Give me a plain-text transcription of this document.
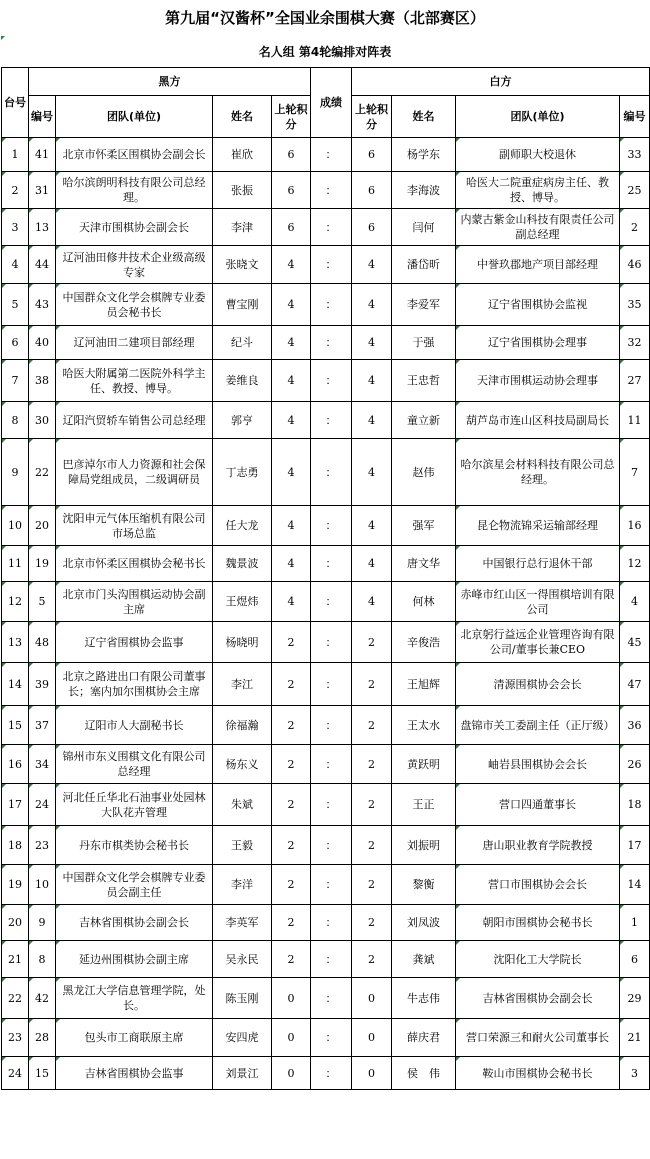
第九届“汉酱杯”全国业余围棋大赛（北部赛区）
名人组 第4轮编排对阵表
台号	黑方				成绩	白方			
	编号	团队(单位)	姓名	上轮积分		上轮积分	姓名	团队(单位)	编号

1	41	北京市怀柔区围棋协会副会长	崔欣	6	：	6	杨学东	副师职大校退休	33

2	31	哈尔滨朗明科技有限公司总经理。	张振	6	：	6	李海波	哈医大二院重症病房主任、教授、博导。	25

3	13	天津市围棋协会副会长	李津	6	：	6	闫何	内蒙古紫金山科技有限责任公司副总经理	2

4	44	辽河油田修井技术企业级高级专家	张晓文	4	：	4	潘岱昕	中誉玖郡地产项目部经理	46

5	43	中国群众文化学会棋牌专业委员会秘书长	曹宝刚	4	：	4	李爱军	辽宁省围棋协会监视	35

6	40	辽河油田二建项目部经理	纪斗	4	：	4	于强	辽宁省围棋协会理事	32

7	38	哈医大附属第二医院外科学主任、教授、博导。	姜维良	4	：	4	王忠哲	天津市围棋运动协会理事	27

8	30	辽阳汽贸轿车销售公司总经理	郭亨	4	：	4	童立新	葫芦岛市连山区科技局副局长	11

9	22	巴彦淖尔市人力资源和社会保障局党组成员，二级调研员	丁志勇	4	：	4	赵伟	哈尔滨星会材料科技有限公司总经理。	7

10	20	沈阳申元气体压缩机有限公司市场总监	任大龙	4	：	4	强军	昆仑物流锦采运输部经理	16

11	19	北京市怀柔区围棋协会秘书长	魏景波	4	：	4	唐文华	中国银行总行退休干部	12

12	5	北京市门头沟围棋运动协会副主席	王煜炜	4	：	4	何林	赤峰市红山区一得围棋培训有限公司	4

13	48	辽宁省围棋协会监事	杨晓明	2	：	2	辛俊浩	北京躬行益远企业管理咨询有限公司/董事长兼CEO	45

14	39	北京之路进出口有限公司董事长；塞内加尔围棋协会主席	李江	2	：	2	王旭辉	清源围棋协会会长	47

15	37	辽阳市人大副秘书长	徐福瀚	2	：	2	王太水	盘锦市关工委副主任（正厅级）	36

16	34	锦州市东义围棋文化有限公司总经理	杨东义	2	：	2	黄跃明	岫岩县围棋协会会长	26

17	24	河北任丘华北石油事业处园林大队花卉管理	朱斌	2	：	2	王正	营口四通董事长	18

18	23	丹东市棋类协会秘书长	王毅	2	：	2	刘振明	唐山职业教育学院教授	17

19	10	中国群众文化学会棋牌专业委员会副主任	李洋	2	：	2	黎衡	营口市围棋协会会长	14

20	9	吉林省围棋协会副会长	李英军	2	：	2	刘凤波	朝阳市围棋协会秘书长	1

21	8	延边州围棋协会副主席	吴永民	2	：	2	龚斌	沈阳化工大学院长	6

22	42	黑龙江大学信息管理学院，处长。	陈玉刚	0	：	0	牛志伟	吉林省围棋协会副会长	29

23	28	包头市工商联原主席	安四虎	0	：	0	薛庆君	营口荣源三和耐火公司董事长	21

24	15	吉林省围棋协会监事	刘景江	0	：	0	侯　伟	鞍山市围棋协会秘书长	3
